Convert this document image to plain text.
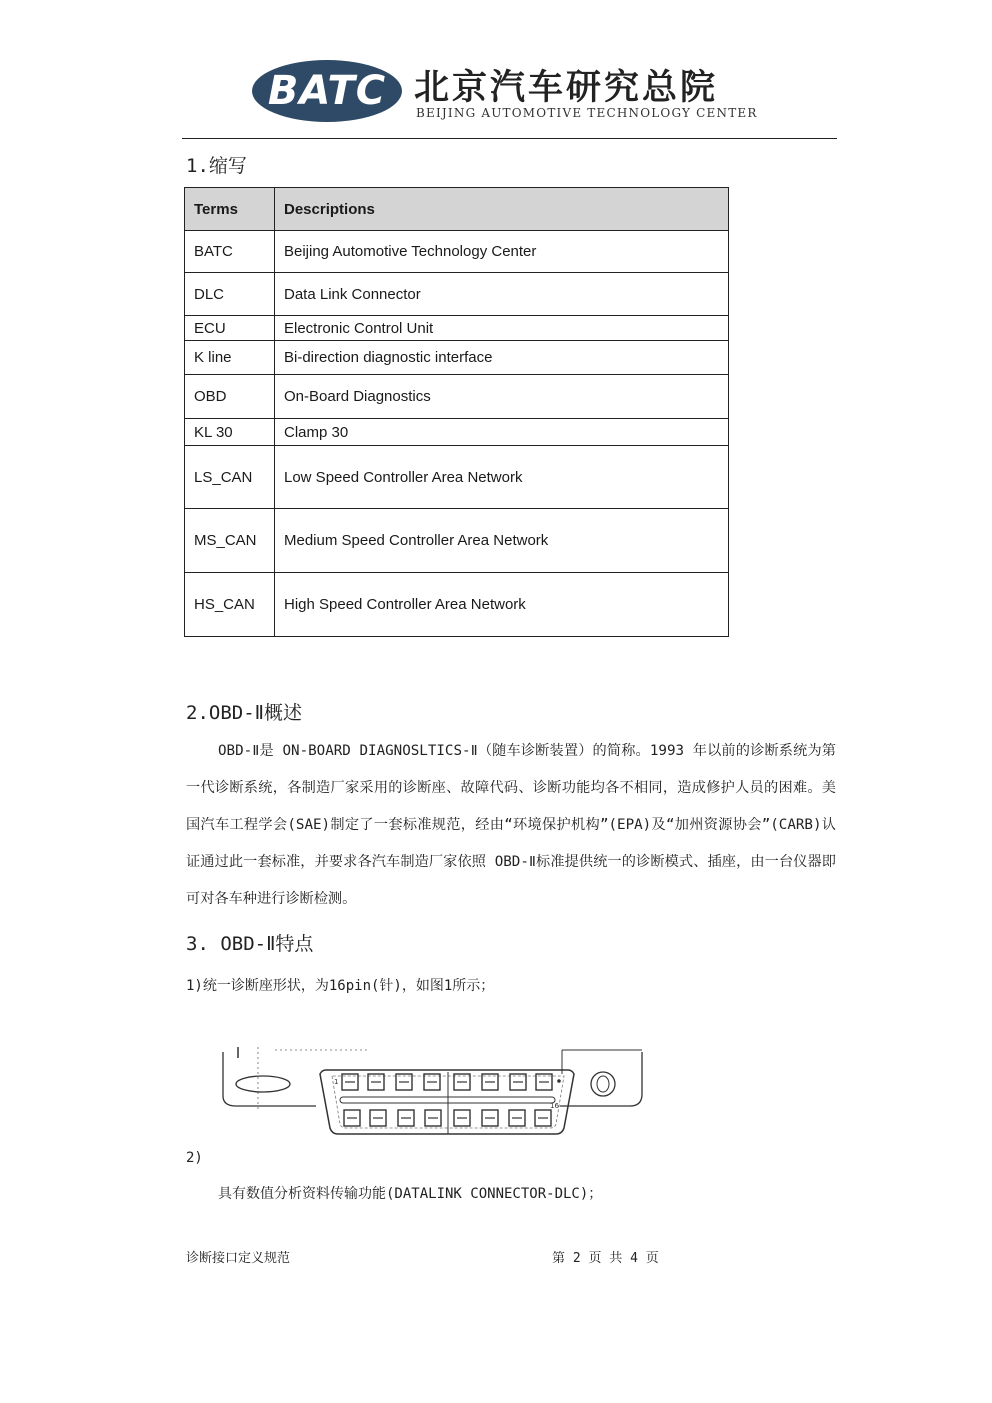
BATC 北京汽车研究总院
BEIJING AUTOMOTIVE TECHNOLOGY CENTER
1.缩写
Terms	Descriptions
BATC	Beijing Automotive Technology Center
DLC	Data Link Connector
ECU	Electronic Control Unit
K line	Bi-direction diagnostic interface
OBD	On-Board Diagnostics
KL 30	Clamp 30
LS_CAN	Low Speed Controller Area Network
MS_CAN	Medium Speed Controller Area Network
HS_CAN	High Speed Controller Area Network
2.OBD-Ⅱ概述
OBD-Ⅱ是 ON-BOARD DIAGNOSLTICS-Ⅱ（随车诊断装置）的简称。1993 年以前的诊断系统为第一代诊断系统，各制造厂家采用的诊断座、故障代码、诊断功能均各不相同，造成修护人员的困难。美国汽车工程学会(SAE)制定了一套标准规范，经由“环境保护机构”(EPA)及“加州资源协会”(CARB)认证通过此一套标准，并要求各汽车制造厂家依照 OBD-Ⅱ标准提供统一的诊断模式、插座，由一台仪器即可对各车种进行诊断检测。
3. OBD-Ⅱ特点
1)统一诊断座形状，为16pin(针)，如图1所示；
1
16
2)
具有数值分析资料传输功能(DATALINK CONNECTOR-DLC)；
诊断接口定义规范	第 2 页 共 4 页
